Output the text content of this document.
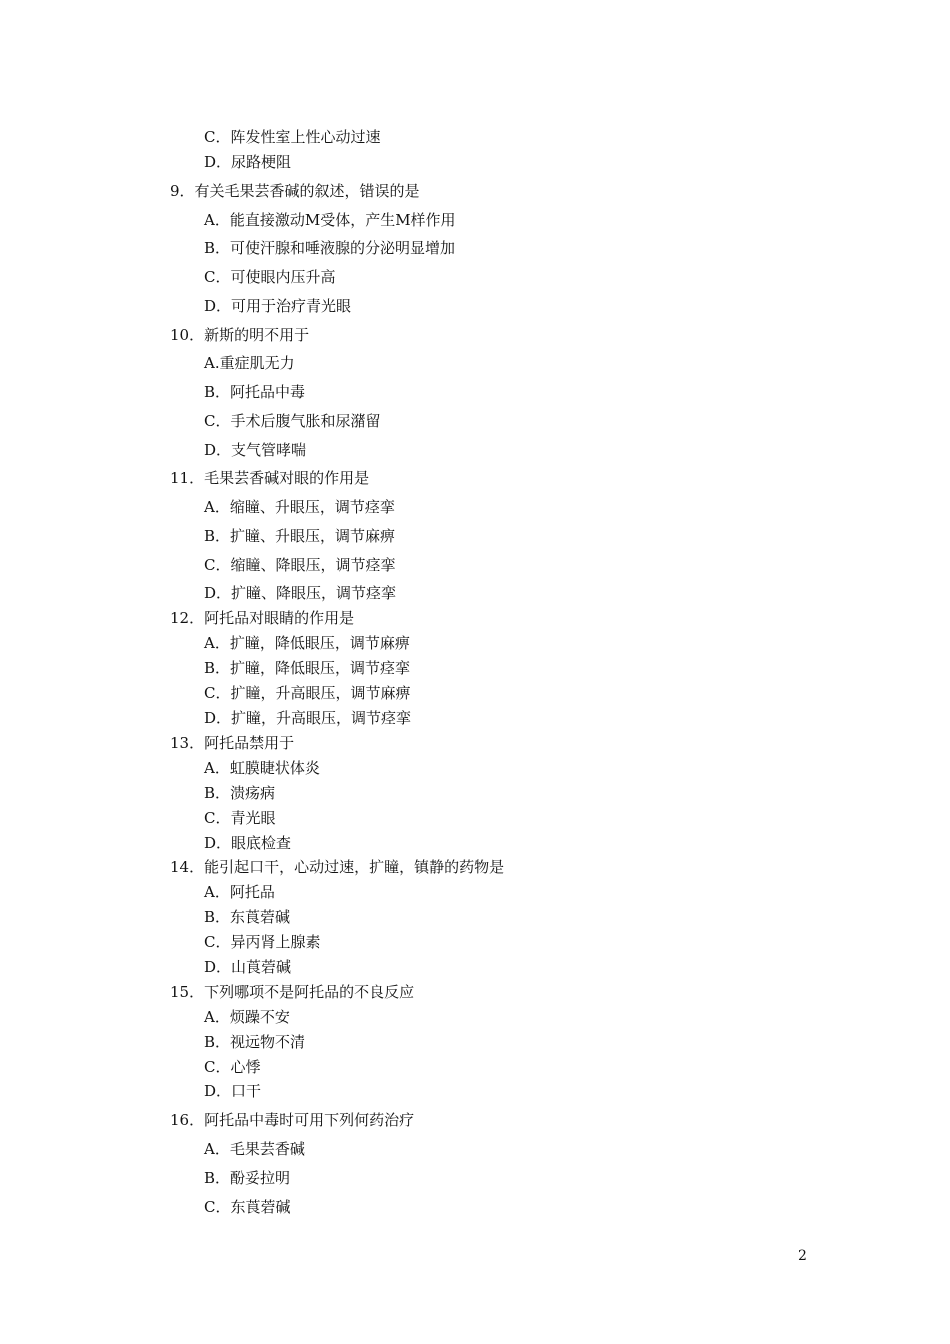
C．阵发性室上性心动过速
D．尿路梗阻
9．有关毛果芸香碱的叙述，错误的是
A．能直接激动M受体，产生M样作用
B．可使汗腺和唾液腺的分泌明显增加
C．可使眼内压升高
D．可用于治疗青光眼
10．新斯的明不用于
A.重症肌无力
B．阿托品中毒
C．手术后腹气胀和尿潴留
D．支气管哮喘
11．毛果芸香碱对眼的作用是
A．缩瞳、升眼压，调节痉挛
B．扩瞳、升眼压，调节麻痹
C．缩瞳、降眼压，调节痉挛
D．扩瞳、降眼压，调节痉挛
12．阿托品对眼睛的作用是
A．扩瞳，降低眼压，调节麻痹
B．扩瞳，降低眼压，调节痉挛
C．扩瞳，升高眼压，调节麻痹
D．扩瞳，升高眼压，调节痉挛
13．阿托品禁用于
A．虹膜睫状体炎
B．溃疡病
C．青光眼
D．眼底检查
14．能引起口干，心动过速，扩瞳，镇静的药物是
A．阿托品
B．东莨菪碱
C．异丙肾上腺素
D．山莨菪碱
15．下列哪项不是阿托品的不良反应
A．烦躁不安
B．视远物不清
C．心悸
D．口干
16．阿托品中毒时可用下列何药治疗
A．毛果芸香碱
B．酚妥拉明
C．东莨菪碱
2
